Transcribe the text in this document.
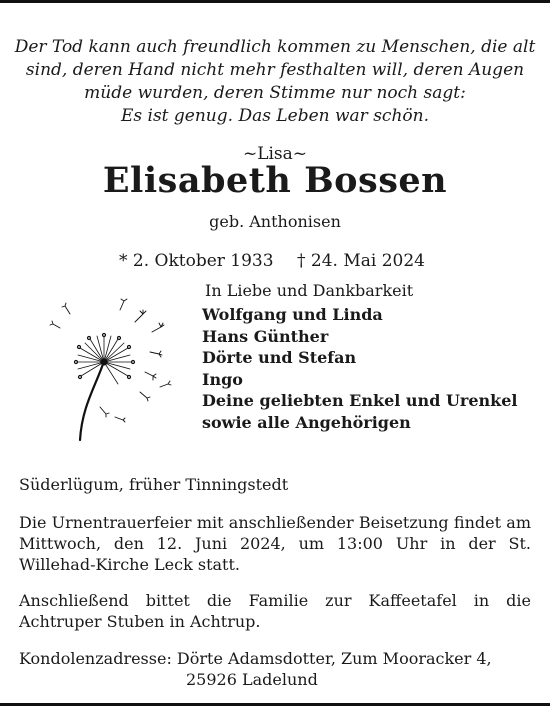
Der Tod kann auch freundlich kommen zu Menschen, die alt
sind, deren Hand nicht mehr festhalten will, deren Augen
müde wurden, deren Stimme nur noch sagt:
Es ist genug. Das Leben war schön.
~Lisa~
Elisabeth Bossen
geb. Anthonisen
* 2. Oktober 1933 † 24. Mai 2024
In Liebe und Dankbarkeit
Wolfgang und Linda
Hans Günther
Dörte und Stefan
Ingo
Deine geliebten Enkel und Urenkel
sowie alle Angehörigen
Süderlügum, früher Tinningstedt
Die Urnentrauerfeier mit anschließender Beisetzung findet am Mittwoch, den 12. Juni 2024, um 13:00 Uhr in der St. Willehad-Kirche Leck statt.
Anschließend bittet die Familie zur Kaffeetafel in die Achtruper Stuben in Achtrup.
Kondolenzadresse: Dörte Adamsdotter, Zum Mooracker 4,
25926 Ladelund
